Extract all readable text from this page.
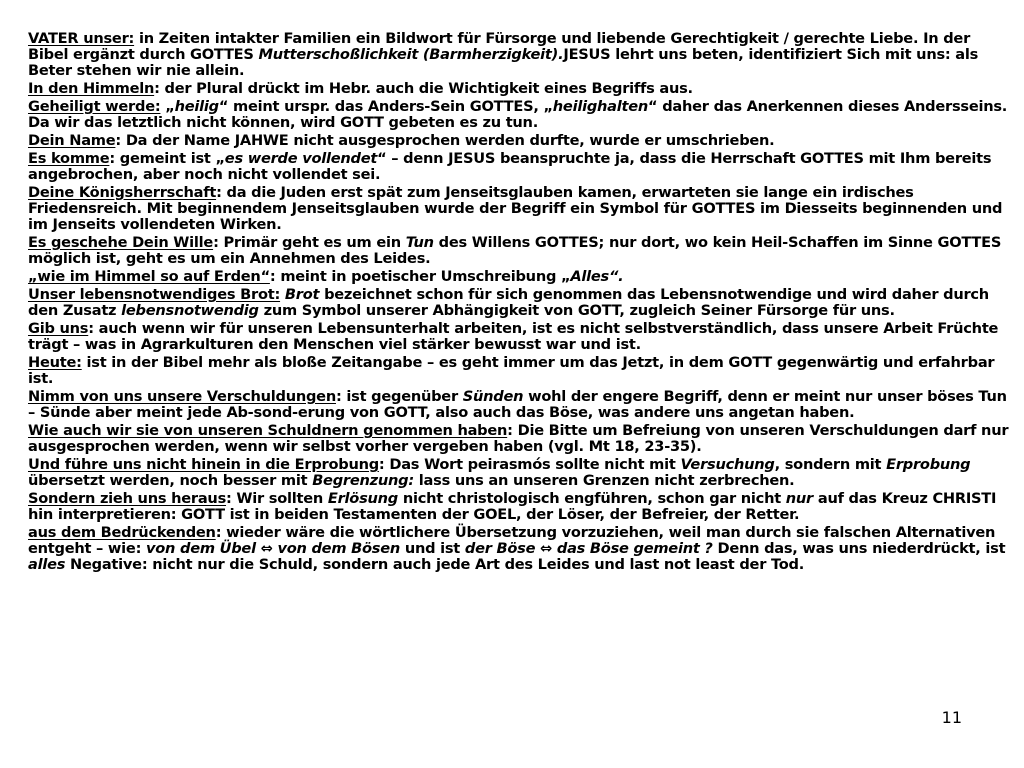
VATER unser: in Zeiten intakter Familien ein Bildwort für Fürsorge und liebende Gerechtigkeit / gerechte Liebe. In der Bibel ergänzt durch GOTTES Mutterschoßlichkeit (Barmherzigkeit).JESUS lehrt uns beten, identifiziert Sich mit uns: als Beter stehen wir nie allein.
In den Himmeln: der Plural drückt im Hebr. auch die Wichtigkeit eines Begriffs aus.
Geheiligt werde: „heilig“ meint urspr. das Anders-Sein GOTTES, „heilighalten“ daher das Anerkennen dieses Andersseins. Da wir das letztlich nicht können, wird GOTT gebeten es zu tun.
Dein Name: Da der Name JAHWE nicht ausgesprochen werden durfte, wurde er umschrieben.
Es komme: gemeint ist „es werde vollendet“ – denn JESUS beanspruchte ja, dass die Herrschaft GOTTES mit Ihm bereits angebrochen, aber noch nicht vollendet sei.
Deine Königsherrschaft: da die Juden erst spät zum Jenseitsglauben kamen, erwarteten sie lange ein irdisches Friedensreich. Mit beginnendem Jenseitsglauben wurde der Begriff ein Symbol für GOTTES im Diesseits beginnenden und im Jenseits vollendeten Wirken.
Es geschehe Dein Wille: Primär geht es um ein Tun des Willens GOTTES; nur dort, wo kein Heil-Schaffen im Sinne GOTTES möglich ist, geht es um ein Annehmen des Leides.
„wie im Himmel so auf Erden“: meint in poetischer Umschreibung „Alles“.
Unser lebensnotwendiges Brot: Brot bezeichnet schon für sich genommen das Lebensnotwendige und wird daher durch den Zusatz lebensnotwendig zum Symbol unserer Abhängigkeit von GOTT, zugleich Seiner Fürsorge für uns.
Gib uns: auch wenn wir für unseren Lebensunterhalt arbeiten, ist es nicht selbstverständlich, dass unsere Arbeit Früchte trägt – was in Agrarkulturen den Menschen viel stärker bewusst war und ist.
Heute: ist in der Bibel mehr als bloße Zeitangabe – es geht immer um das Jetzt, in dem GOTT gegenwärtig und erfahrbar ist.
Nimm von uns unsere Verschuldungen: ist gegenüber Sünden wohl der engere Begriff, denn er meint nur unser böses Tun – Sünde aber meint jede Ab-sond-erung von GOTT, also auch das Böse, was andere uns angetan haben.
Wie auch wir sie von unseren Schuldnern genommen haben: Die Bitte um Befreiung von unseren Verschuldungen darf nur ausgesprochen werden, wenn wir selbst vorher vergeben haben (vgl. Mt 18, 23-35).
Und führe uns nicht hinein in die Erprobung: Das Wort peirasmós sollte nicht mit Versuchung, sondern mit Erprobung übersetzt werden, noch besser mit Begrenzung: lass uns an unseren Grenzen nicht zerbrechen.
Sondern zieh uns heraus: Wir sollten Erlösung nicht christologisch engführen, schon gar nicht nur auf das Kreuz CHRISTI hin interpretieren: GOTT ist in beiden Testamenten der GOEL, der Löser, der Befreier, der Retter.
aus dem Bedrückenden: wieder wäre die wörtlichere Übersetzung vorzuziehen, weil man durch sie falschen Alternativen entgeht – wie: von dem Übel ⇔ von dem Bösen und ist der Böse ⇔ das Böse gemeint ? Denn das, was uns niederdrückt, ist alles Negative: nicht nur die Schuld, sondern auch jede Art des Leides und last not least der Tod.
11
